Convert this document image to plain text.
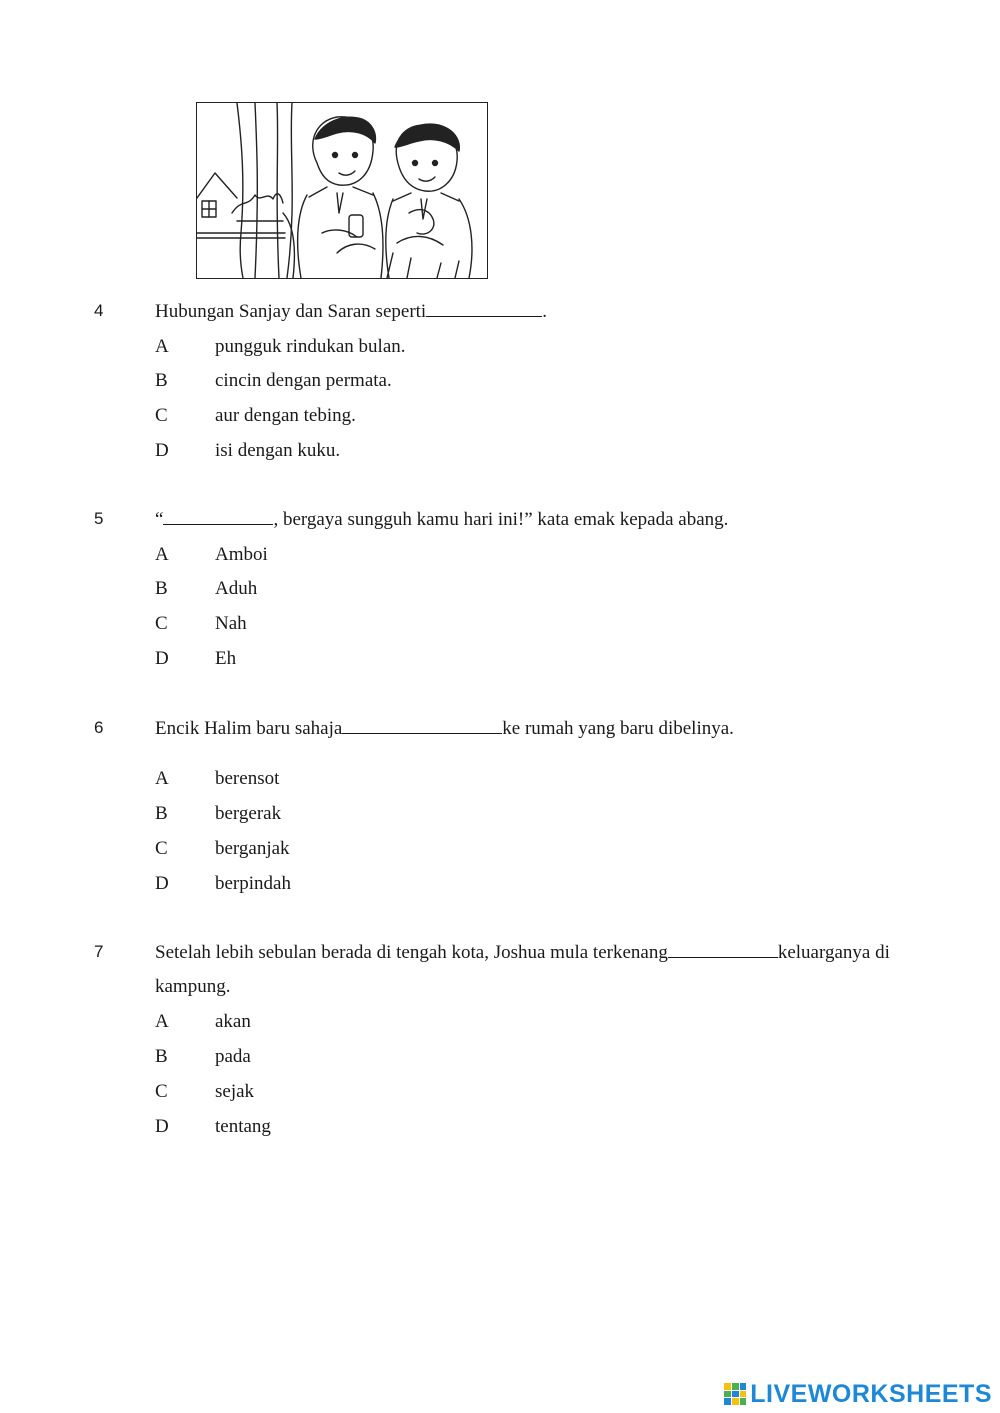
4	Hubungan Sanjay dan Saran seperti	.
A pungguk rindukan bulan.
B cincin dengan permata.
C aur dengan tebing.
D isi dengan kuku.
5	“	, bergaya sungguh kamu hari ini!” kata emak kepada abang.
A Amboi
B Aduh
C Nah
D Eh
6	Encik Halim baru sahaja	ke rumah yang baru dibelinya.
A berensot
B bergerak
C berganjak
D berpindah
7	Setelah lebih sebulan berada di tengah kota, Joshua mula terkenang	keluarganya di kampung.
A akan
B pada
C sejak
D tentang
LIVEWORKSHEETS
